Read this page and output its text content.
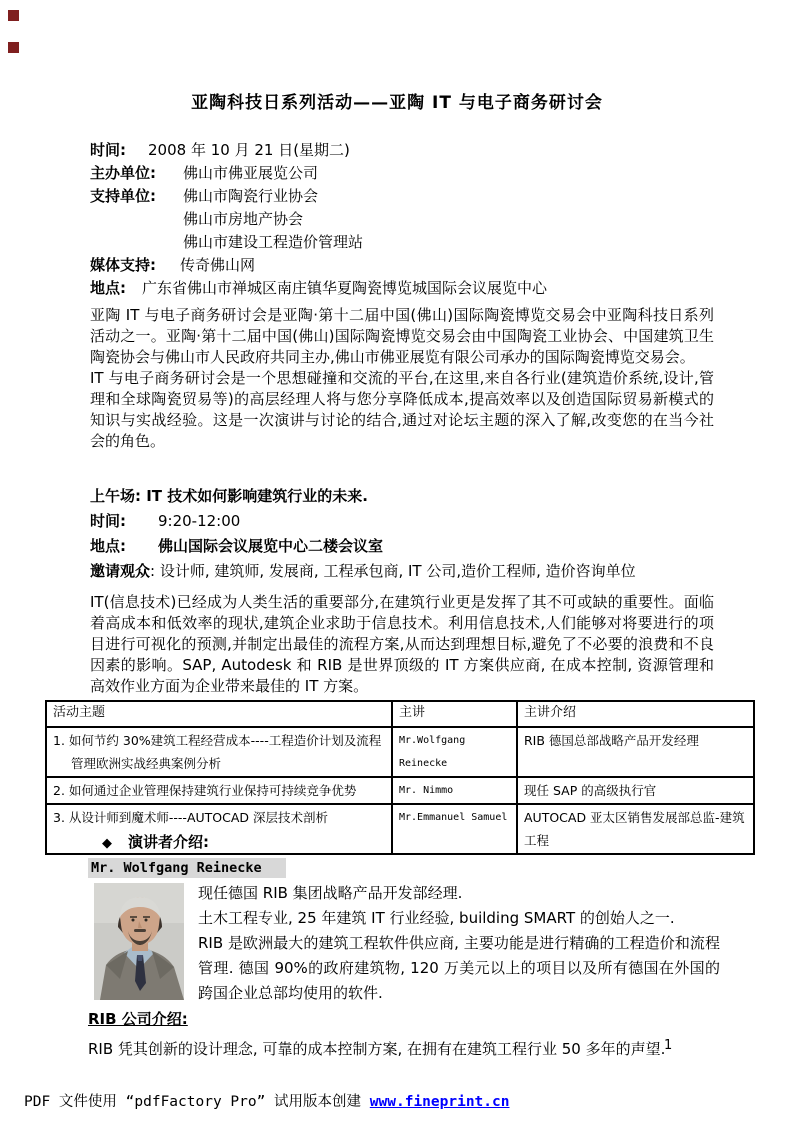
亚陶科技日系列活动——亚陶 IT 与电子商务研讨会
时间: 2008 年 10 月 21 日(星期二)
主办单位: 佛山市佛亚展览公司
支持单位: 佛山市陶瓷行业协会
佛山市房地产协会
佛山市建设工程造价管理站
媒体支持: 传奇佛山网
地点: 广东省佛山市禅城区南庄镇华夏陶瓷博览城国际会议展览中心

亚陶 IT 与电子商务研讨会是亚陶·第十二届中国(佛山)国际陶瓷博览交易会中亚陶科技日系列活动之一。亚陶·第十二届中国(佛山)国际陶瓷博览交易会由中国陶瓷工业协会、中国建筑卫生陶瓷协会与佛山市人民政府共同主办,佛山市佛亚展览有限公司承办的国际陶瓷博览交易会。

IT 与电子商务研讨会是一个思想碰撞和交流的平台,在这里,来自各行业(建筑造价系统,设计,管理和全球陶瓷贸易等)的高层经理人将与您分享降低成本,提高效率以及创造国际贸易新模式的知识与实战经验。这是一次演讲与讨论的结合,通过对论坛主题的深入了解,改变您的在当今社会的角色。

上午场: IT 技术如何影响建筑行业的未来.
时间: 9:20-12:00
地点: 佛山国际会议展览中心二楼会议室
邀请观众: 设计师, 建筑师, 发展商, 工程承包商, IT 公司,造价工程师, 造价咨询单位
IT(信息技术)已经成为人类生活的重要部分,在建筑行业更是发挥了其不可或缺的重要性。面临着高成本和低效率的现状,建筑企业求助于信息技术。利用信息技术,人们能够对将要进行的项目进行可视化的预测,并制定出最佳的流程方案,从而达到理想目标,避免了不必要的浪费和不良因素的影响。SAP, Autodesk 和 RIB 是世界顶级的 IT 方案供应商, 在成本控制, 资源管理和高效作业方面为企业带来最佳的 IT 方案。
活动主题	主讲	主讲介绍

1. 如何节约 30%建筑工程经营成本----工程造价计划及流程管理欧洲实战经典案例分析	Mr.Wolfgang Reinecke	RIB 德国总部战略产品开发经理

2. 如何通过企业管理保持建筑行业保持可持续竞争优势	Mr. Nimmo	现任 SAP 的高级执行官

3. 从设计师到魔术师----AUTOCAD 深层技术剖析	Mr.Emmanuel Samuel	AUTOCAD 亚太区销售发展部总监-建筑工程

◆ 演讲者介绍:

Mr. Wolfgang Reinecke

现任德国 RIB 集团战略产品开发部经理.

土木工程专业, 25 年建筑 IT 行业经验, building SMART 的创始人之一.

RIB 是欧洲最大的建筑工程软件供应商, 主要功能是进行精确的工程造价和流程管理. 德国 90%的政府建筑物, 120 万美元以上的项目以及所有德国在外国的跨国企业总部均使用的软件.

RIB 公司介绍:

RIB 凭其创新的设计理念, 可靠的成本控制方案, 在拥有在建筑工程行业 50 多年的声望.
1
PDF 文件使用 “pdfFactory Pro” 试用版本创建 www.fineprint.cn
